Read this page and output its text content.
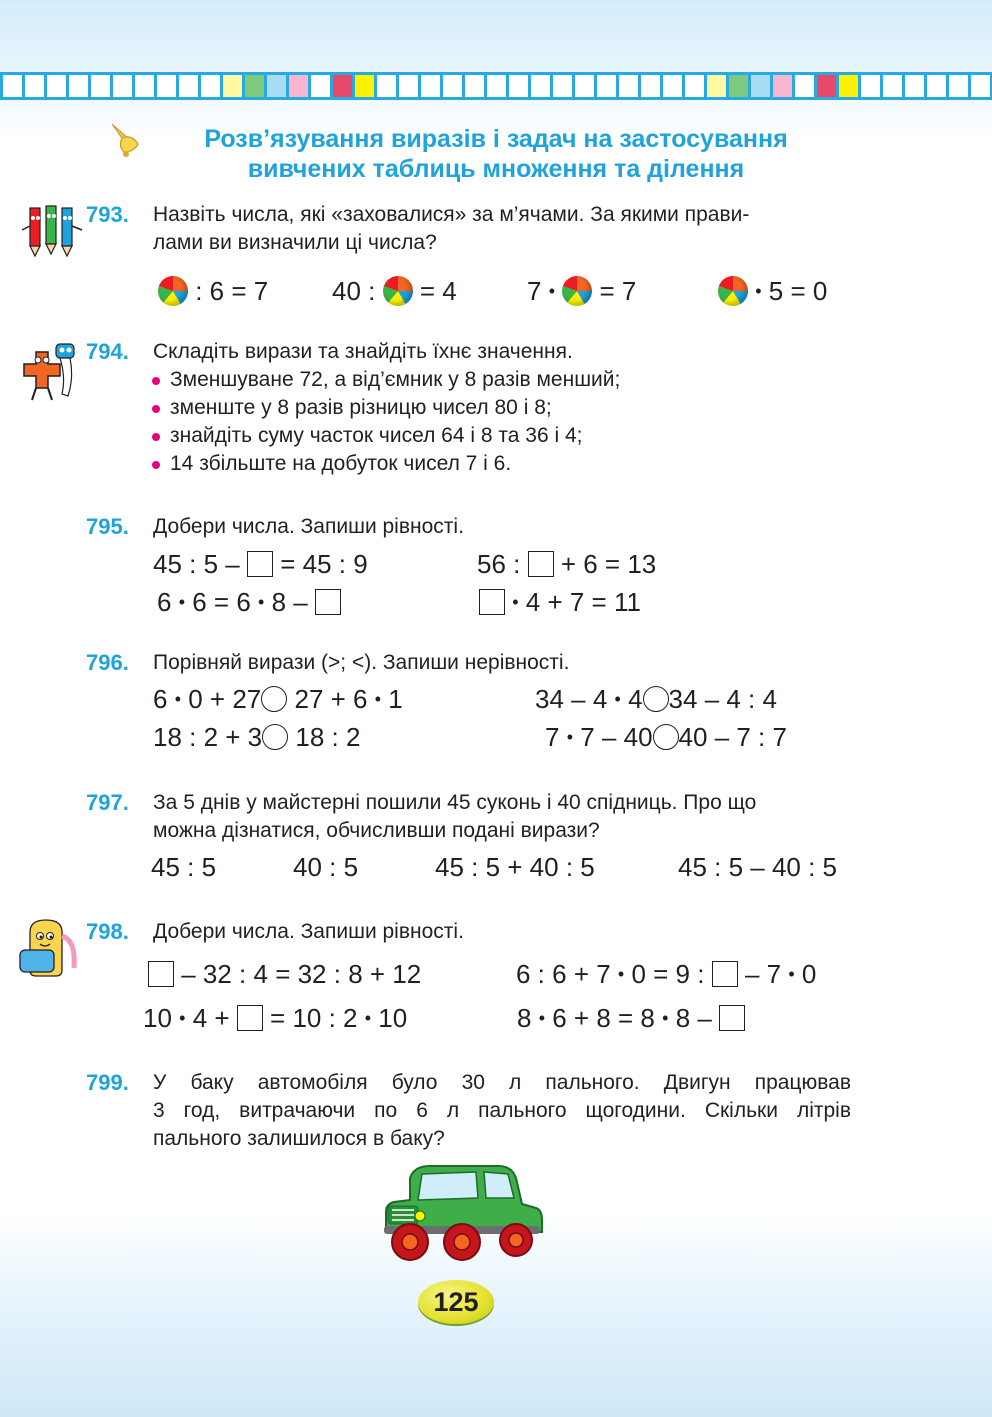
Розв’язування виразів і задач на застосування
вивчених таблиць множення та ділення
793. Назвіть числа, які «заховалися» за м’ячами. За якими прави-
лами ви визначили ці числа?
: 6 = 7 40 : = 4	7 • = 7	• 5 = 0
794. Складіть вирази та знайдіть їхнє значення.
Зменшуване 72, а від’ємник у 8 разів менший;
зменште у 8 разів різницю чисел 80 і 8;
знайдіть суму часток чисел 64 і 8 та 36 і 4;
14 збільште на добуток чисел 7 і 6.
795. Добери числа. Запиши рівності.
45 : 5 – = 45 : 9	56 : + 6 = 13
6 • 6 = 6 • 8 –	• 4 + 7 = 11
796. Порівняй вирази (>; <). Запиши нерівності.
6 • 0 + 27 27 + 6 • 1	34 – 4 • 4 34 – 4 : 4
18 : 2 + 3 18 : 2	7 • 7 – 40 40 – 7 : 7
797. За 5 днів у майстерні пошили 45 суконь і 40 спідниць. Про що
можна дізнатися, обчисливши подані вирази?
45 : 5	40 : 5	45 : 5 + 40 : 5	45 : 5 – 40 : 5
798. Добери числа. Запиши рівності.
– 32 : 4 = 32 : 8 + 12	6 : 6 + 7 • 0 = 9 : – 7 • 0
10 • 4 + = 10 : 2 • 10	8 • 6 + 8 = 8 • 8 –
799. У баку автомобіля було 30 л пального. Двигун працював
3 год, витрачаючи по 6 л пального щогодини. Скільки літрів
пального залишилося в баку?
125
